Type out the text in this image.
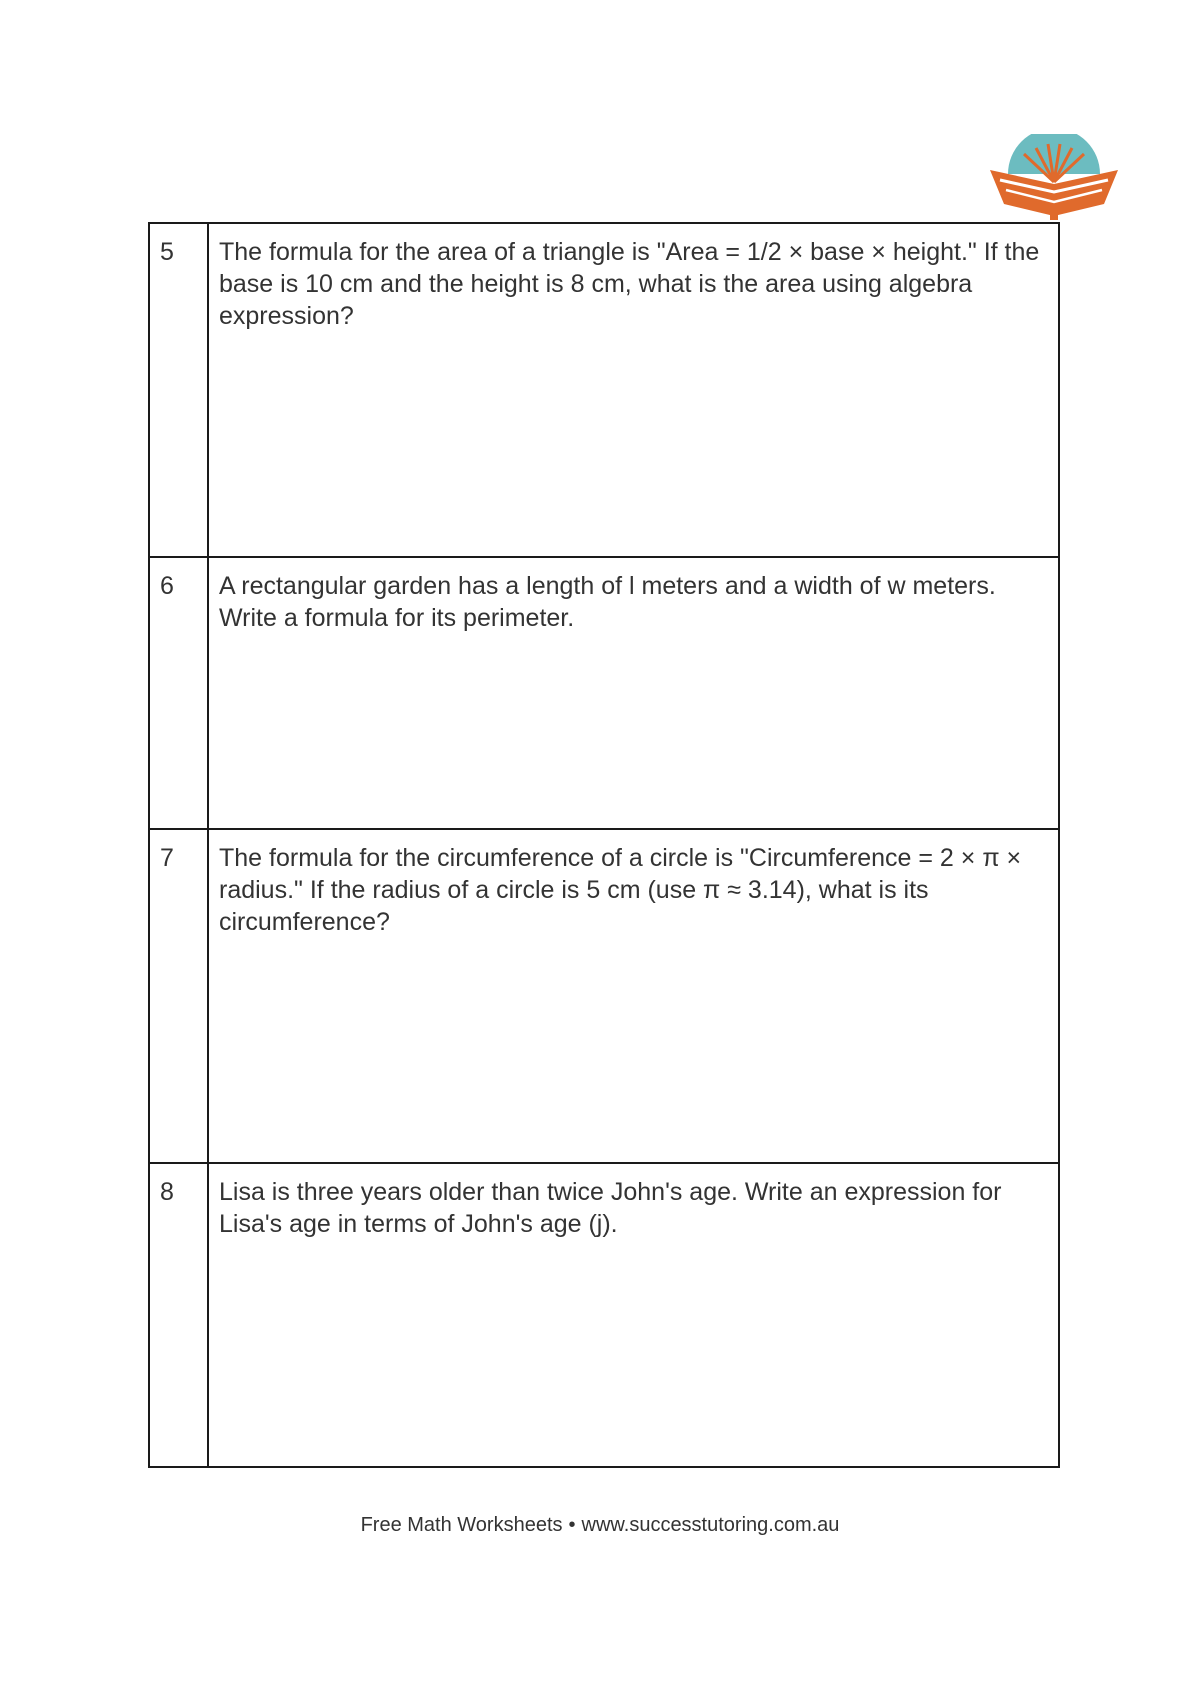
5	The formula for the area of a triangle is "Area = 1/2 × base × height." If the base is 10 cm and the height is 8 cm, what is the area using algebra expression?
6	A rectangular garden has a length of l meters and a width of w meters. Write a formula for its perimeter.
7	The formula for the circumference of a circle is "Circumference = 2 × π × radius." If the radius of a circle is 5 cm (use π ≈ 3.14), what is its circumference?
8	Lisa is three years older than twice John's age. Write an expression for Lisa's age in terms of John's age (j).
Free Math Worksheets • www.successtutoring.com.au
